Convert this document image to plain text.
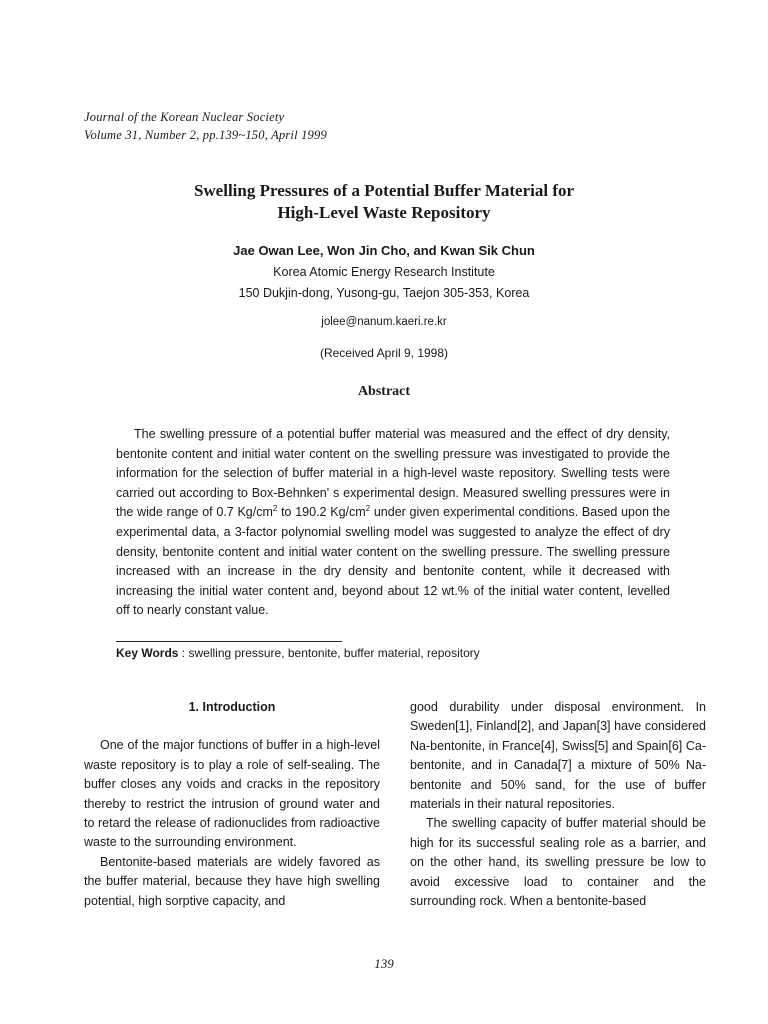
Journal of the Korean Nuclear Society
Volume 31, Number 2, pp.139~150, April 1999
Swelling Pressures of a Potential Buffer Material for
High-Level Waste Repository
Jae Owan Lee, Won Jin Cho, and Kwan Sik Chun
Korea Atomic Energy Research Institute
150 Dukjin-dong, Yusong-gu, Taejon 305-353, Korea
jolee@nanum.kaeri.re.kr
(Received April 9, 1998)
Abstract

The swelling pressure of a potential buffer material was measured and the effect of dry density, bentonite content and initial water content on the swelling pressure was investigated to provide the information for the selection of buffer material in a high-level waste repository. Swelling tests were carried out according to Box-Behnken' s experimental design. Measured swelling pressures were in the wide range of 0.7 $Kg/cm^2$ to 190.2 $Kg/cm^2$ under given experimental conditions. Based upon the experimental data, a 3-factor polynomial swelling model was suggested to analyze the effect of dry density, bentonite content and initial water content on the swelling pressure. The swelling pressure increased with an increase in the dry density and bentonite content, while it decreased with increasing the initial water content and, beyond about 12 wt.% of the initial water content, levelled off to nearly constant value.

Key Words : swelling pressure, bentonite, buffer material, repository

1. Introduction

One of the major functions of buffer in a high-level waste repository is to play a role of self-sealing. The buffer closes any voids and cracks in the repository thereby to restrict the intrusion of ground water and to retard the release of radionuclides from radioactive waste to the surrounding environment.

Bentonite-based materials are widely favored as the buffer material, because they have high swelling potential, high sorptive capacity, and

good durability under disposal environment. In Sweden[1], Finland[2], and Japan[3] have considered Na-bentonite, in France[4], Swiss[5] and Spain[6] Ca-bentonite, and in Canada[7] a mixture of 50% Na-bentonite and 50% sand, for the use of buffer materials in their natural repositories.

The swelling capacity of buffer material should be high for its successful sealing role as a barrier, and on the other hand, its swelling pressure be low to avoid excessive load to container and the surrounding rock. When a bentonite-based

139
